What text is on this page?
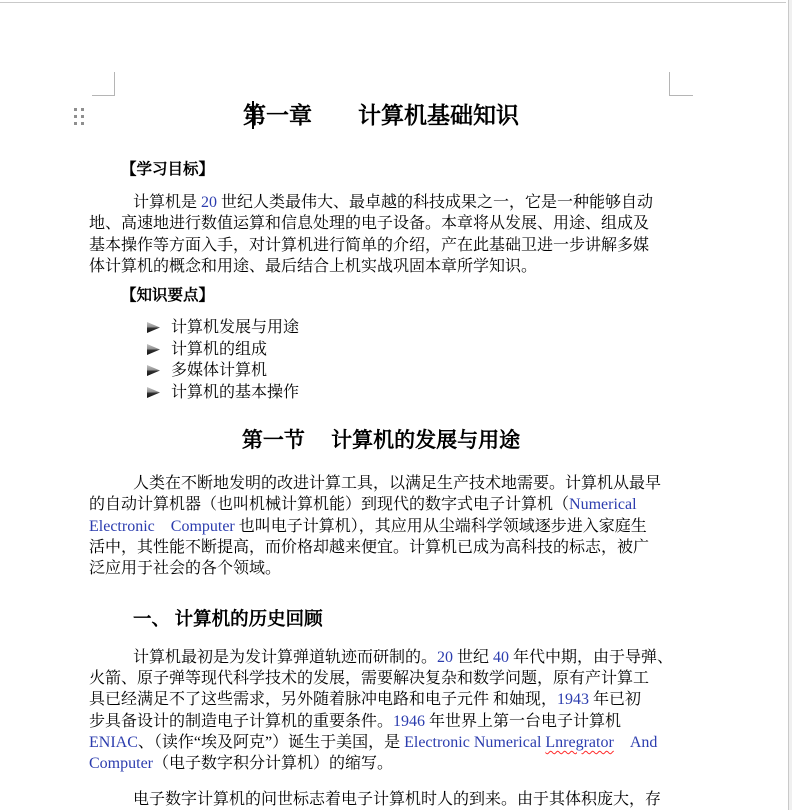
第一章　　计算机基础知识
【学习目标】
计算机是 20 世纪人类最伟大、最卓越的科技成果之一，它是一种能够自动
地、高速地进行数值运算和信息处理的电子设备。本章将从发展、用途、组成及
基本操作等方面入手，对计算机进行简单的介绍，产在此基础卫进一步讲解多媒
体计算机的概念和用途、最后结合上机实战巩固本章所学知识。
【知识要点】
计算机发展与用途
计算机的组成
多媒体计算机
计算机的基本操作
第一节　 计算机的发展与用途
人类在不断地发明的改进计算工具，以满足生产技术地需要。计算机从最早
的自动计算机器（也叫机械计算机能）到现代的数字式电子计算机（Numerical
Electronic　 Computer 也叫电子计算机），其应用从尘端科学领域逐步进入家庭生
活中，其性能不断提高，而价格却越来便宜。计算机已成为高科技的标志，被广
泛应用于社会的各个领域。
一、 计算机的历史回顾
计算机最初是为发计算弹道轨迹而研制的。20 世纪 40 年代中期，由于导弹、
火箭、原子弹等现代科学技术的发展，需要解决复杂和数学问题，原有产计算工
具已经满足不了这些需求，另外随着脉冲电路和电子元件 和妯现，1943 年已初
步具备设计的制造电子计算机的重要条件。1946 年世界上第一台电子计算机
ENIAC、（读作“埃及阿克”）诞生于美国，是 Electronic Numerical Lnregrator　 And
Computer（电子数字积分计算机）的缩写。
电子数字计算机的问世标志着电子计算机时人的到来。由于其体积庞大，存
